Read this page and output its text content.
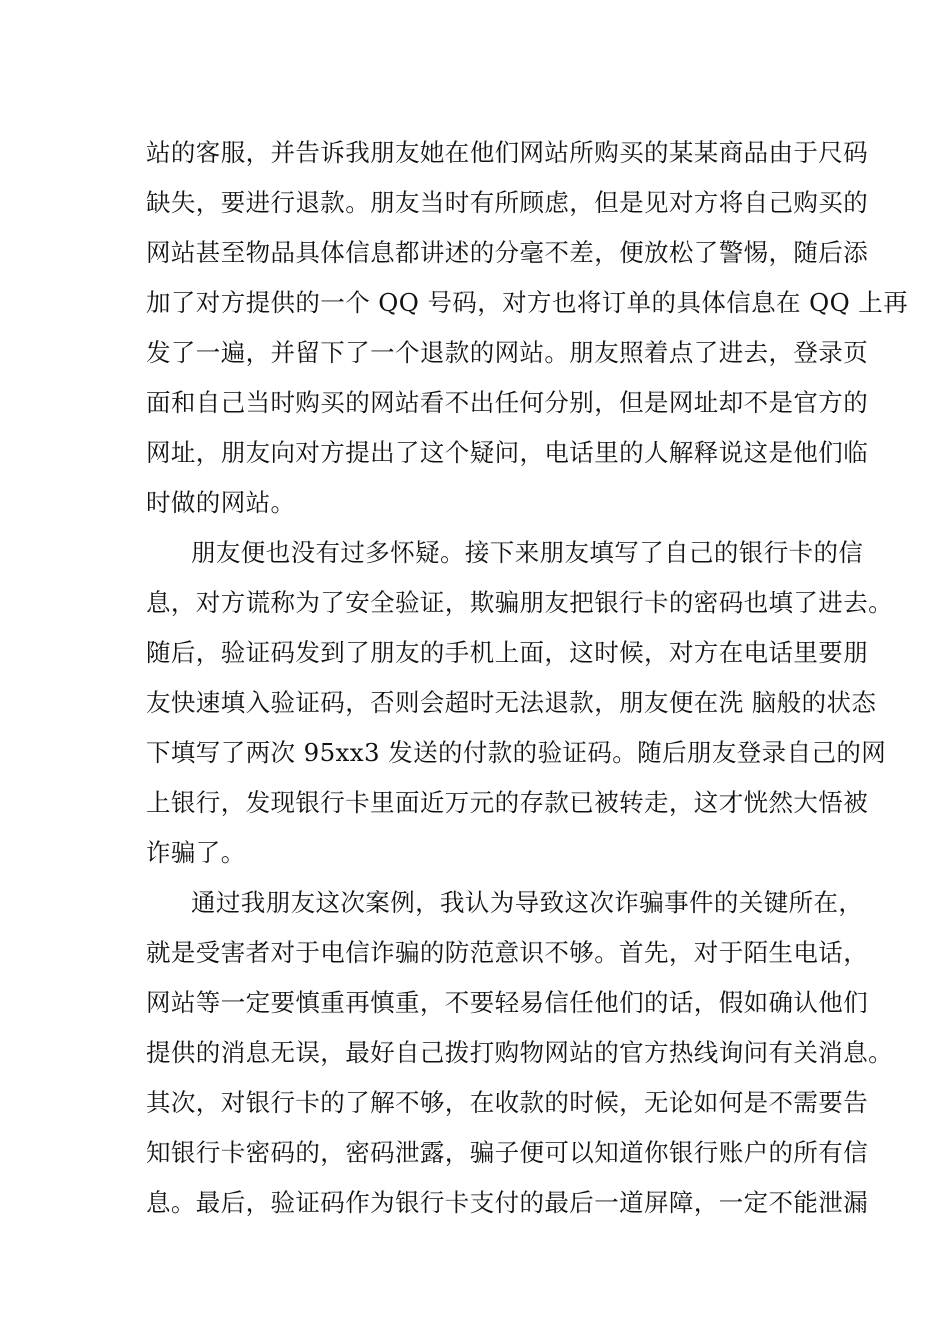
站的客服，并告诉我朋友她在他们网站所购买的某某商品由于尺码
缺失，要进行退款。朋友当时有所顾虑，但是见对方将自己购买的
网站甚至物品具体信息都讲述的分毫不差，便放松了警惕，随后添
加了对方提供的一个 QQ 号码，对方也将订单的具体信息在 QQ 上再
发了一遍，并留下了一个退款的网站。朋友照着点了进去，登录页
面和自己当时购买的网站看不出任何分别，但是网址却不是官方的
网址，朋友向对方提出了这个疑问，电话里的人解释说这是他们临
时做的网站。
朋友便也没有过多怀疑。接下来朋友填写了自己的银行卡的信
息，对方谎称为了安全验证，欺骗朋友把银行卡的密码也填了进去。
随后，验证码发到了朋友的手机上面，这时候，对方在电话里要朋
友快速填入验证码，否则会超时无法退款，朋友便在洗 脑般的状态
下填写了两次 95xx3 发送的付款的验证码。随后朋友登录自己的网
上银行，发现银行卡里面近万元的存款已被转走，这才恍然大悟被
诈骗了。
通过我朋友这次案例，我认为导致这次诈骗事件的关键所在，
就是受害者对于电信诈骗的防范意识不够。首先，对于陌生电话，
网站等一定要慎重再慎重，不要轻易信任他们的话，假如确认他们
提供的消息无误，最好自己拨打购物网站的官方热线询问有关消息。
其次，对银行卡的了解不够，在收款的时候，无论如何是不需要告
知银行卡密码的，密码泄露，骗子便可以知道你银行账户的所有信
息。最后，验证码作为银行卡支付的最后一道屏障，一定不能泄漏
